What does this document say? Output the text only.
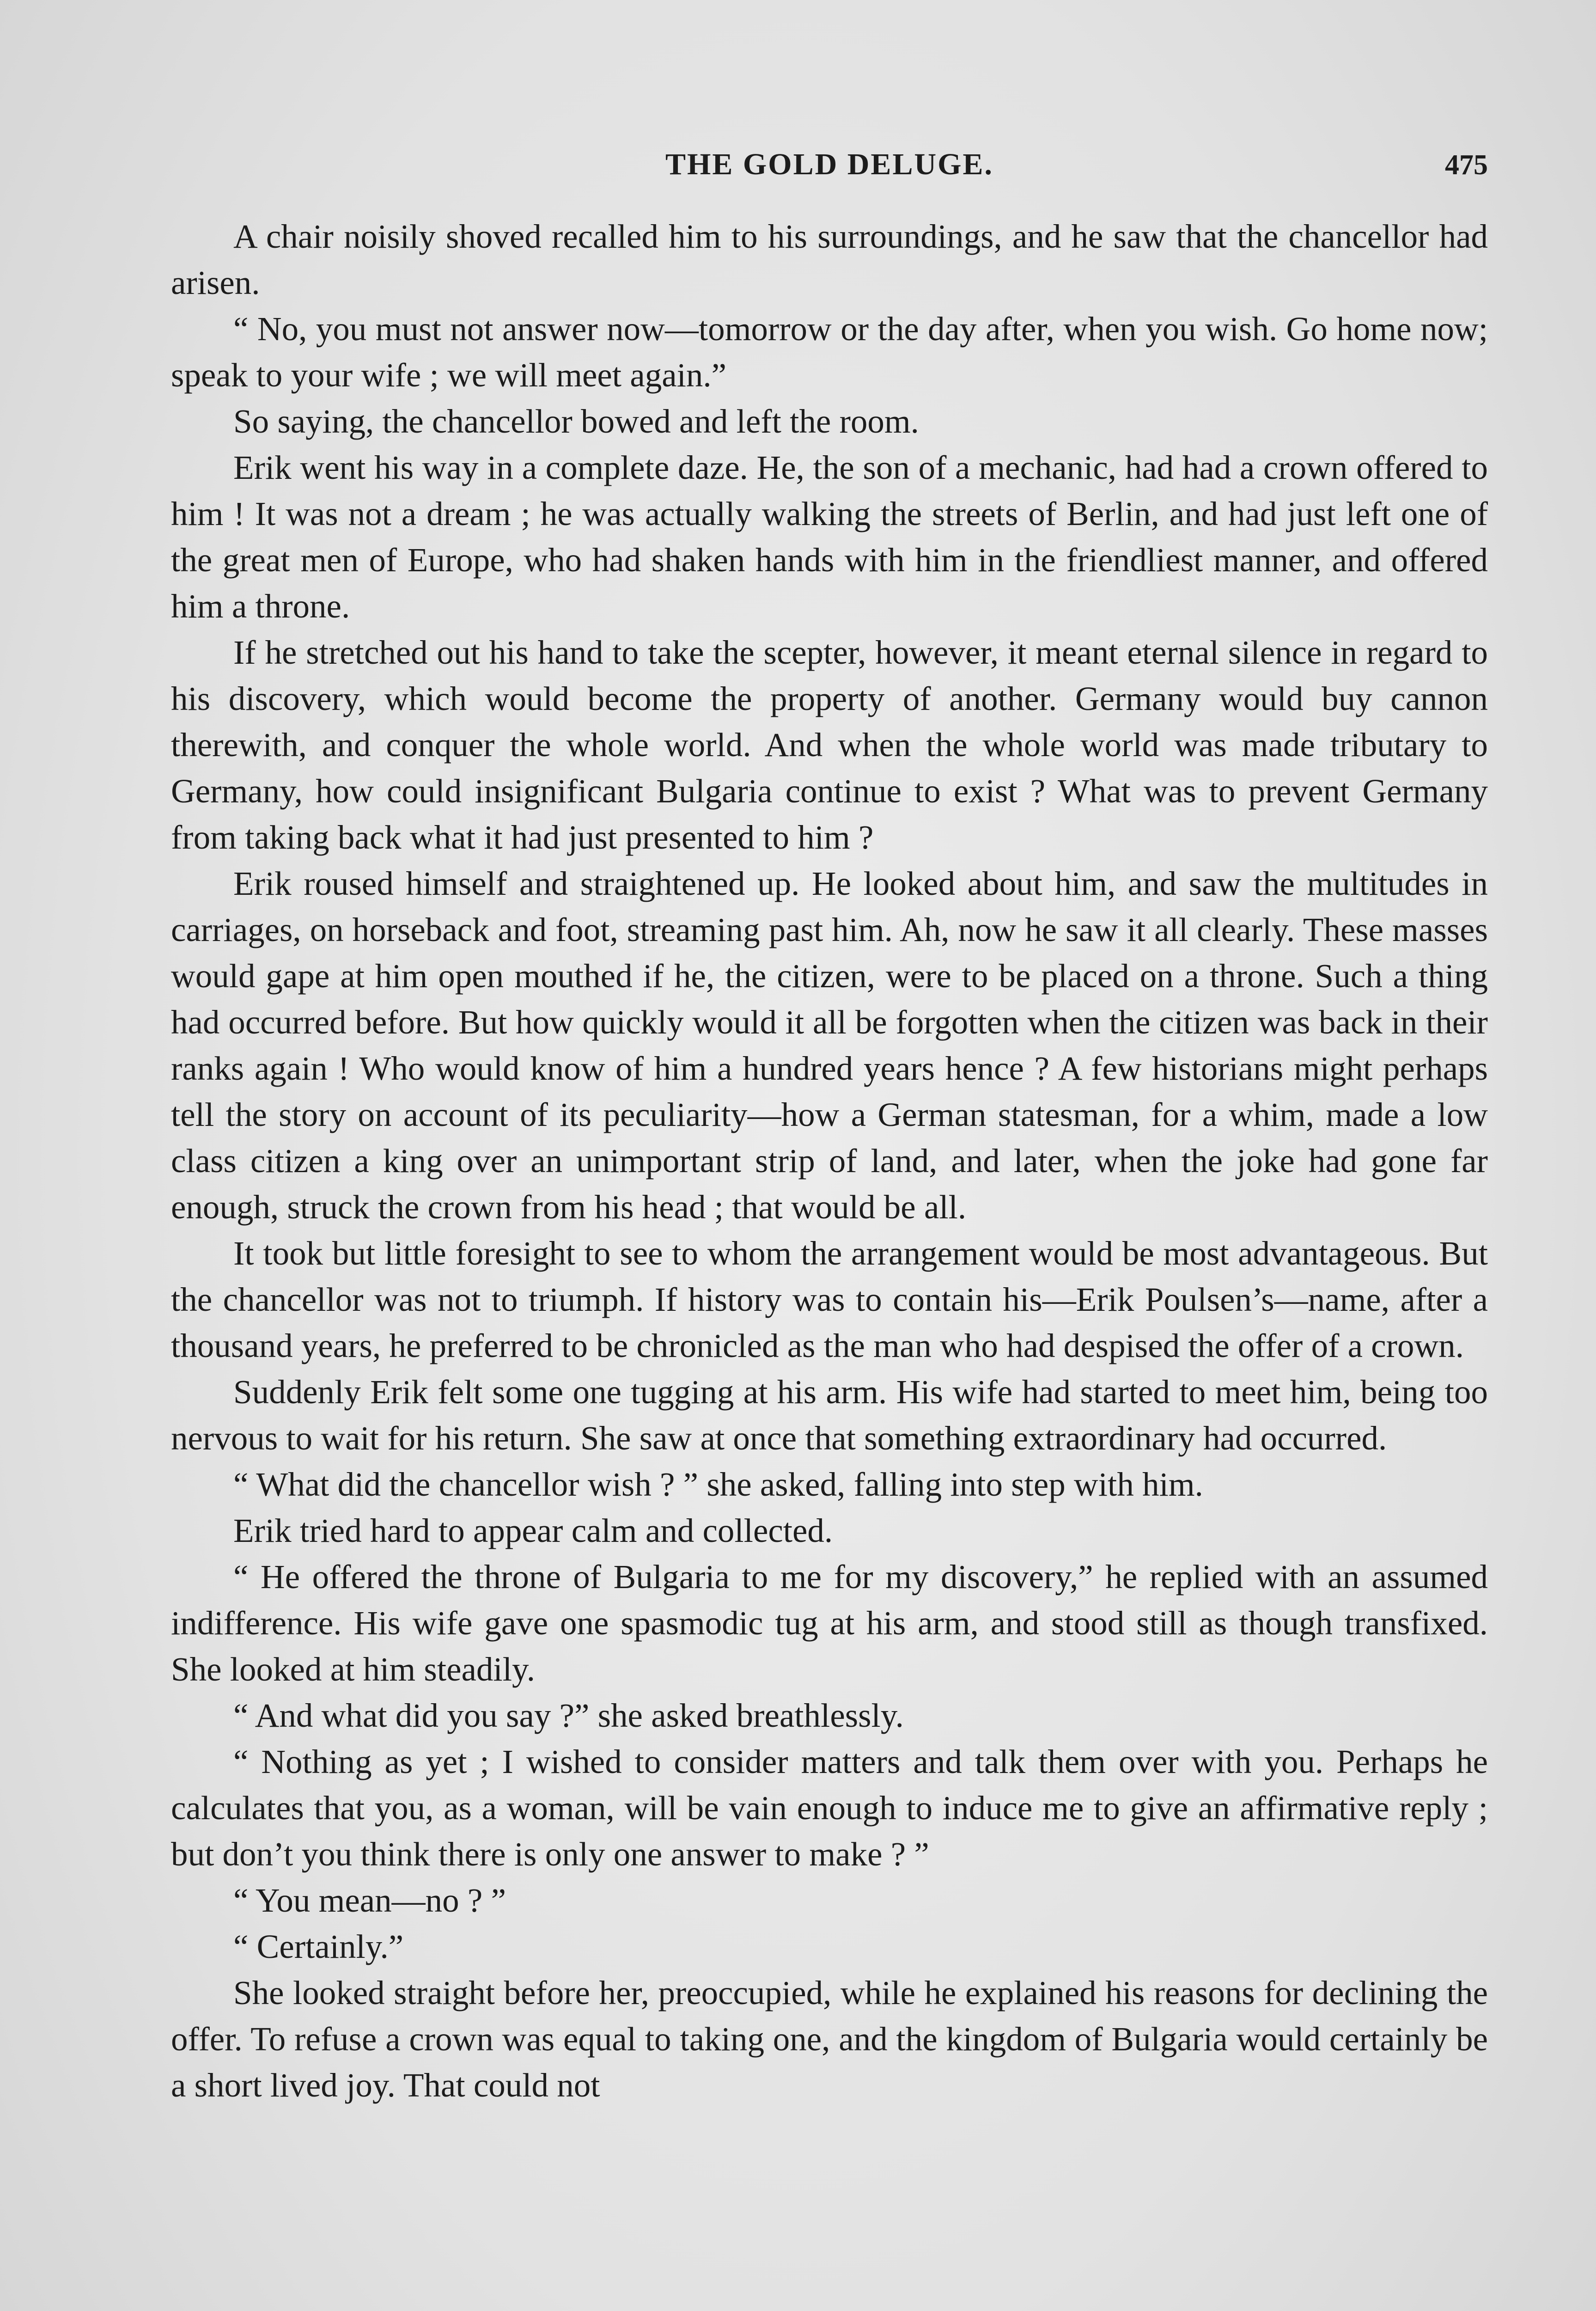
THE GOLD DELUGE.	475

A chair noisily shoved recalled him to his surroundings, and he saw that the chancellor had arisen.

“ No, you must not answer now—tomorrow or the day after, when you wish. Go home now; speak to your wife ; we will meet again.”

So saying, the chancellor bowed and left the room.

Erik went his way in a complete daze. He, the son of a mechanic, had had a crown offered to him ! It was not a dream ; he was actually walking the streets of Berlin, and had just left one of the great men of Europe, who had shaken hands with him in the friendliest manner, and offered him a throne.

If he stretched out his hand to take the scepter, however, it meant eternal silence in regard to his discovery, which would become the property of another. Germany would buy cannon therewith, and conquer the whole world. And when the whole world was made tributary to Germany, how could insignificant Bulgaria continue to exist ? What was to prevent Germany from taking back what it had just presented to him ?

Erik roused himself and straightened up. He looked about him, and saw the multitudes in carriages, on horseback and foot, streaming past him. Ah, now he saw it all clearly. These masses would gape at him open mouthed if he, the citizen, were to be placed on a throne. Such a thing had occurred before. But how quickly would it all be forgotten when the citizen was back in their ranks again ! Who would know of him a hundred years hence ? A few historians might perhaps tell the story on account of its peculiarity—how a German statesman, for a whim, made a low class citizen a king over an unimportant strip of land, and later, when the joke had gone far enough, struck the crown from his head ; that would be all.

It took but little foresight to see to whom the arrangement would be most advantageous. But the chancellor was not to triumph. If history was to contain his—Erik Poulsen’s—name, after a thousand years, he preferred to be chronicled as the man who had despised the offer of a crown.

Suddenly Erik felt some one tugging at his arm. His wife had started to meet him, being too nervous to wait for his return. She saw at once that something extraordinary had occurred.

“ What did the chancellor wish ? ” she asked, falling into step with him.

Erik tried hard to appear calm and collected.

“ He offered the throne of Bulgaria to me for my discovery,” he replied with an assumed indifference. His wife gave one spasmodic tug at his arm, and stood still as though transfixed. She looked at him steadily.

“ And what did you say ?” she asked breathlessly.

“ Nothing as yet ; I wished to consider matters and talk them over with you. Perhaps he calculates that you, as a woman, will be vain enough to induce me to give an affirmative reply ; but don’t you think there is only one answer to make ? ”

“ You mean—no ? ”

“ Certainly.”

She looked straight before her, preoccupied, while he explained his reasons for declining the offer. To refuse a crown was equal to taking one, and the kingdom of Bulgaria would certainly be a short lived joy. That could not
